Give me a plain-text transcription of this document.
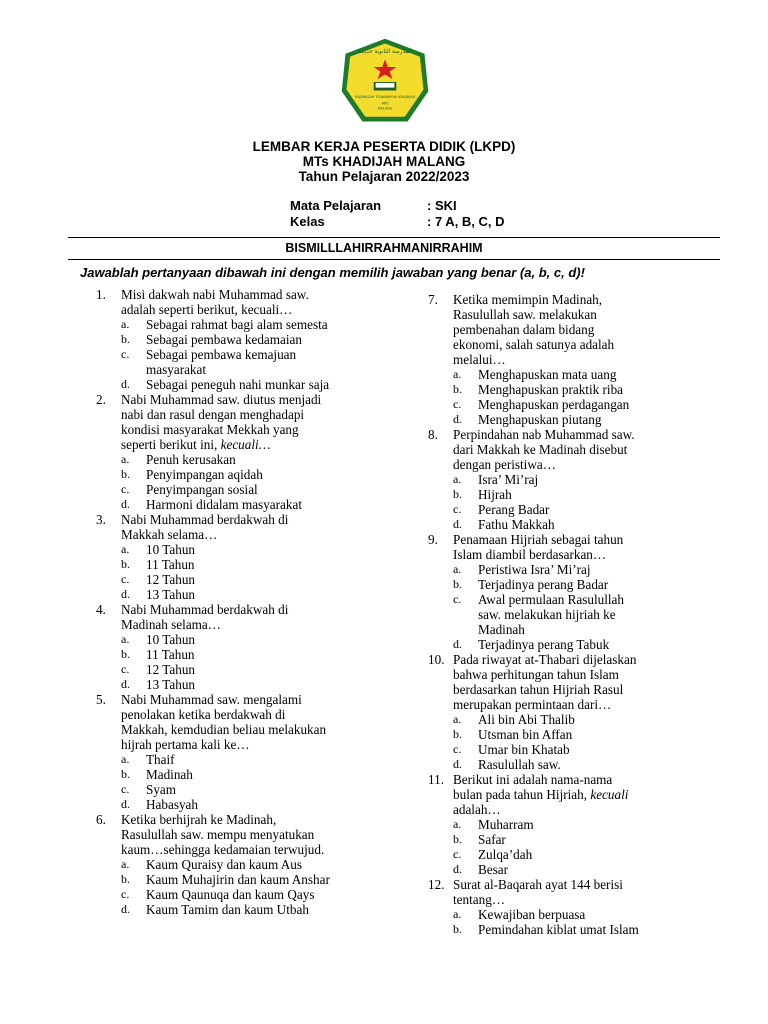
المدرسة الثانوية خديجة
MADRASAH TSANAWIYAH KHADIJAH
MTs
MALANG
LEMBAR KERJA PESERTA DIDIK (LKPD)
MTs KHADIJAH MALANG
Tahun Pelajaran 2022/2023
Mata Pelajaran	: SKI
Kelas	: 7 A, B, C, D
BISMILLLAHIRRAHMANIRRAHIM
Jawablah pertanyaan dibawah ini dengan memilih jawaban yang benar (a, b, c, d)!
1. Misi dakwah nabi Muhammad saw.
adalah seperti berikut, kecuali…
a. Sebagai rahmat bagi alam semesta
b. Sebagai pembawa kedamaian
c. Sebagai pembawa kemajuan
masyarakat
d. Sebagai peneguh nahi munkar saja
2. Nabi Muhammad saw. diutus menjadi
nabi dan rasul dengan menghadapi
kondisi masyarakat Mekkah yang
seperti berikut ini, kecuali…
a. Penuh kerusakan
b. Penyimpangan aqidah
c. Penyimpangan sosial
d. Harmoni didalam masyarakat
3. Nabi Muhammad berdakwah di
Makkah selama…
a. 10 Tahun
b. 11 Tahun
c. 12 Tahun
d. 13 Tahun
4. Nabi Muhammad berdakwah di
Madinah selama…
a. 10 Tahun
b. 11 Tahun
c. 12 Tahun
d. 13 Tahun
5. Nabi Muhammad saw. mengalami
penolakan ketika berdakwah di
Makkah, kemdudian beliau melakukan
hijrah pertama kali ke…
a. Thaif
b. Madinah
c. Syam
d. Habasyah
6. Ketika berhijrah ke Madinah,
Rasulullah saw. mempu menyatukan
kaum…sehingga kedamaian terwujud.
a. Kaum Quraisy dan kaum Aus
b. Kaum Muhajirin dan kaum Anshar
c. Kaum Qaunuqa dan kaum Qays
d. Kaum Tamim dan kaum Utbah
7. Ketika memimpin Madinah,
Rasulullah saw. melakukan
pembenahan dalam bidang
ekonomi, salah satunya adalah
melalui…
a. Menghapuskan mata uang
b. Menghapuskan praktik riba
c. Menghapuskan perdagangan
d. Menghapuskan piutang
8. Perpindahan nab Muhammad saw.
dari Makkah ke Madinah disebut
dengan peristiwa…
a. Isra’ Mi’raj
b. Hijrah
c. Perang Badar
d. Fathu Makkah
9. Penamaan Hijriah sebagai tahun
Islam diambil berdasarkan…
a. Peristiwa Isra’ Mi’raj
b. Terjadinya perang Badar
c. Awal permulaan Rasulullah
saw. melakukan hijriah ke
Madinah
d. Terjadinya perang Tabuk
10. Pada riwayat at-Thabari dijelaskan
bahwa perhitungan tahun Islam
berdasarkan tahun Hijriah Rasul
merupakan permintaan dari…
a. Ali bin Abi Thalib
b. Utsman bin Affan
c. Umar bin Khatab
d. Rasulullah saw.
11. Berikut ini adalah nama-nama
bulan pada tahun Hijriah, kecuali
adalah…
a. Muharram
b. Safar
c. Zulqa’dah
d. Besar
12. Surat al-Baqarah ayat 144 berisi
tentang…
a. Kewajiban berpuasa
b. Pemindahan kiblat umat Islam
